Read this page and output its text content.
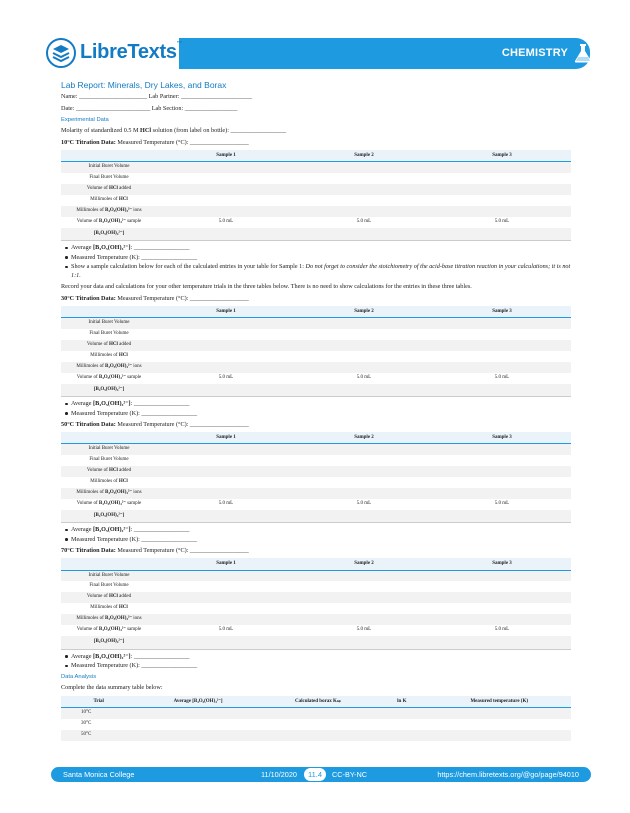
LibreTexts™
CHEMISTRY
Lab Report: Minerals, Dry Lakes, and Borax
Name: ______________________ Lab Partner: _______________________
Date: ________________________ Lab Section: _________________
Experimental Data
Molarity of standardized 0.5 M HCl solution (from label on bottle): __________________
10°C Titration Data: Measured Temperature (°C): ___________________
	Sample 1	Sample 2	Sample 3
Initial Buret Volume			
Final Buret Volume			
Volume of HCl added			
Millimoles of HCl			
Millimoles of B₄O₅(OH)₄²⁻ ions			
Volume of B₄O₅(OH)₄²⁻ sample	5.0 mL	5.0 mL	5.0 mL
[B₄O₅(OH)₄²⁻]			
Average [B₄O₅(OH)₄²⁻]: __________________
Measured Temperature (K): __________________
Show a sample calculation below for each of the calculated entries in your table for Sample 1: Do not forget to consider the stoichiometry of the acid-base titration reaction in your calculations; it is not 1:1.
Record your data and calculations for your other temperature trials in the three tables below. There is no need to show calculations for the entries in these three tables.
30°C Titration Data: Measured Temperature (°C): ___________________
	Sample 1	Sample 2	Sample 3
Initial Buret Volume			
Final Buret Volume			
Volume of HCl added			
Millimoles of HCl			
Millimoles of B₄O₅(OH)₄²⁻ ions			
Volume of B₄O₅(OH)₄²⁻ sample	5.0 mL	5.0 mL	5.0 mL
[B₄O₅(OH)₄²⁻]			
Average [B₄O₅(OH)₄²⁻]: __________________
Measured Temperature (K): __________________
50°C Titration Data: Measured Temperature (°C): ___________________
	Sample 1	Sample 2	Sample 3
Initial Buret Volume			
Final Buret Volume			
Volume of HCl added			
Millimoles of HCl			
Millimoles of B₄O₅(OH)₄²⁻ ions			
Volume of B₄O₅(OH)₄²⁻ sample	5.0 mL	5.0 mL	5.0 mL
[B₄O₅(OH)₄²⁻]			
Average [B₄O₅(OH)₄²⁻]: __________________
Measured Temperature (K): __________________
70°C Titration Data: Measured Temperature (°C): ___________________
	Sample 1	Sample 2	Sample 3
Initial Buret Volume			
Final Buret Volume			
Volume of HCl added			
Millimoles of HCl			
Millimoles of B₄O₅(OH)₄²⁻ ions			
Volume of B₄O₅(OH)₄²⁻ sample	5.0 mL	5.0 mL	5.0 mL
[B₄O₅(OH)₄²⁻]			
Average [B₄O₅(OH)₄²⁻]: __________________
Measured Temperature (K): __________________
Data Analysis
Complete the data summary table below:
Trial	Average [B₄O₅(OH)₄²⁻]	Calculated borax Kₛₚ	ln K	Measured temperature (K)
10°C				
30°C				
50°C				
Santa Monica College	11/10/2020	11.4	CC-BY-NC	https://chem.libretexts.org/@go/page/94010
